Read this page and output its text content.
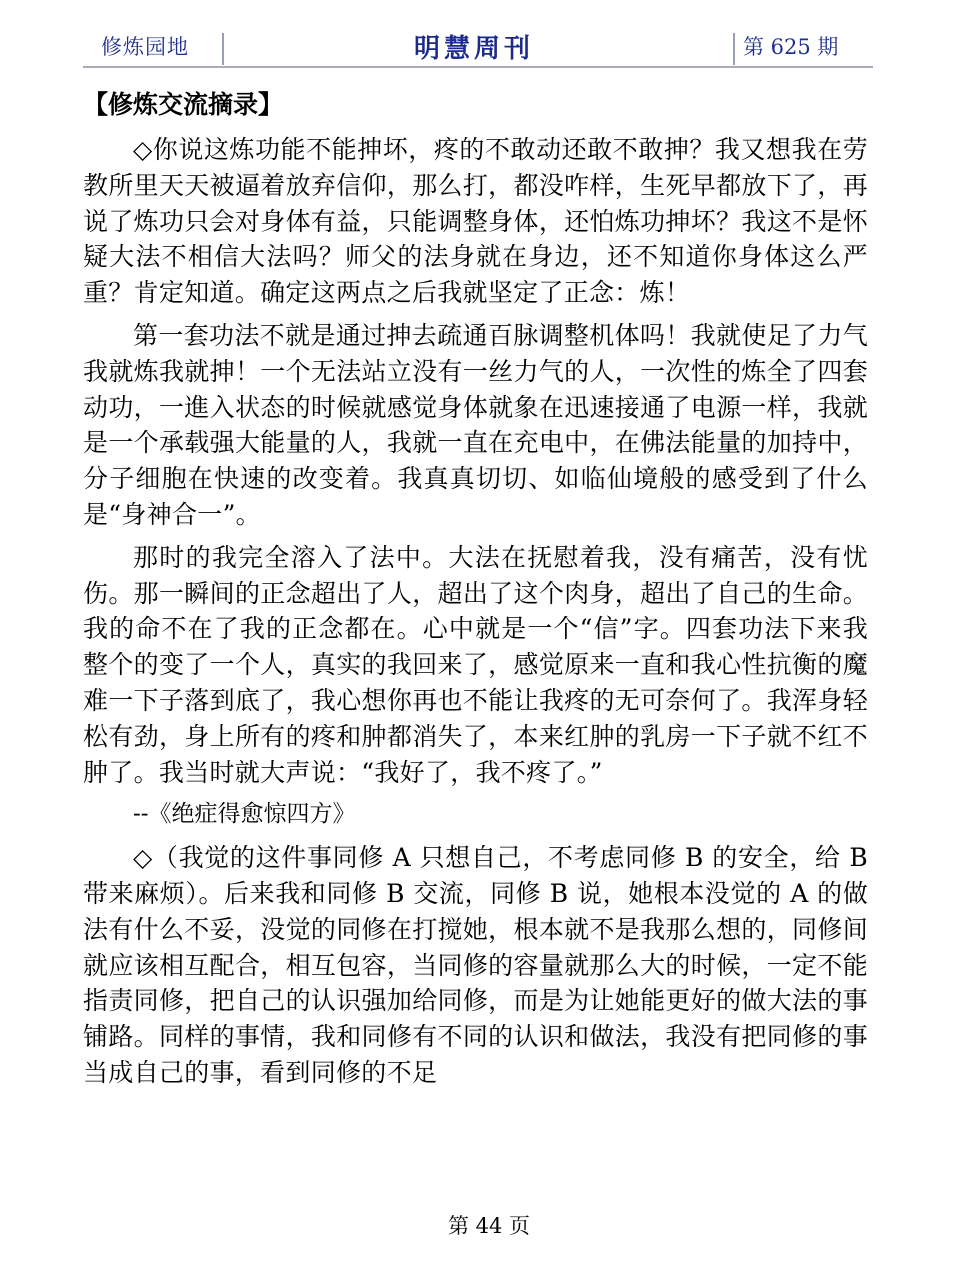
修炼园地	明慧周刊	第 625 期
【修炼交流摘录】

◇你说这炼功能不能抻坏，疼的不敢动还敢不敢抻？我又想我在劳教所里天天被逼着放弃信仰，那么打，都没咋样，生死早都放下了，再说了炼功只会对身体有益，只能调整身体，还怕炼功抻坏？我这不是怀疑大法不相信大法吗？师父的法身就在身边，还不知道你身体这么严重？肯定知道。确定这两点之后我就坚定了正念：炼！

第一套功法不就是通过抻去疏通百脉调整机体吗！我就使足了力气我就炼我就抻！一个无法站立没有一丝力气的人，一次性的炼全了四套动功，一進入状态的时候就感觉身体就象在迅速接通了电源一样，我就是一个承载强大能量的人，我就一直在充电中，在佛法能量的加持中，分子细胞在快速的改变着。我真真切切、如临仙境般的感受到了什么是“身神合一”。

那时的我完全溶入了法中。大法在抚慰着我，没有痛苦，没有忧伤。那一瞬间的正念超出了人，超出了这个肉身，超出了自己的生命。我的命不在了我的正念都在。心中就是一个“信”字。四套功法下来我整个的变了一个人，真实的我回来了，感觉原来一直和我心性抗衡的魔难一下子落到底了，我心想你再也不能让我疼的无可奈何了。我浑身轻松有劲，身上所有的疼和肿都消失了，本来红肿的乳房一下子就不红不肿了。我当时就大声说：“我好了，我不疼了。”

--《绝症得愈惊四方》

◇（我觉的这件事同修 A 只想自己，不考虑同修 B 的安全，给 B 带来麻烦）。后来我和同修 B 交流，同修 B 说，她根本没觉的 A 的做法有什么不妥，没觉的同修在打搅她，根本就不是我那么想的，同修间就应该相互配合，相互包容，当同修的容量就那么大的时候，一定不能指责同修，把自己的认识强加给同修，而是为让她能更好的做大法的事铺路。同样的事情，我和同修有不同的认识和做法，我没有把同修的事当成自己的事，看到同修的不足

第 44 页
